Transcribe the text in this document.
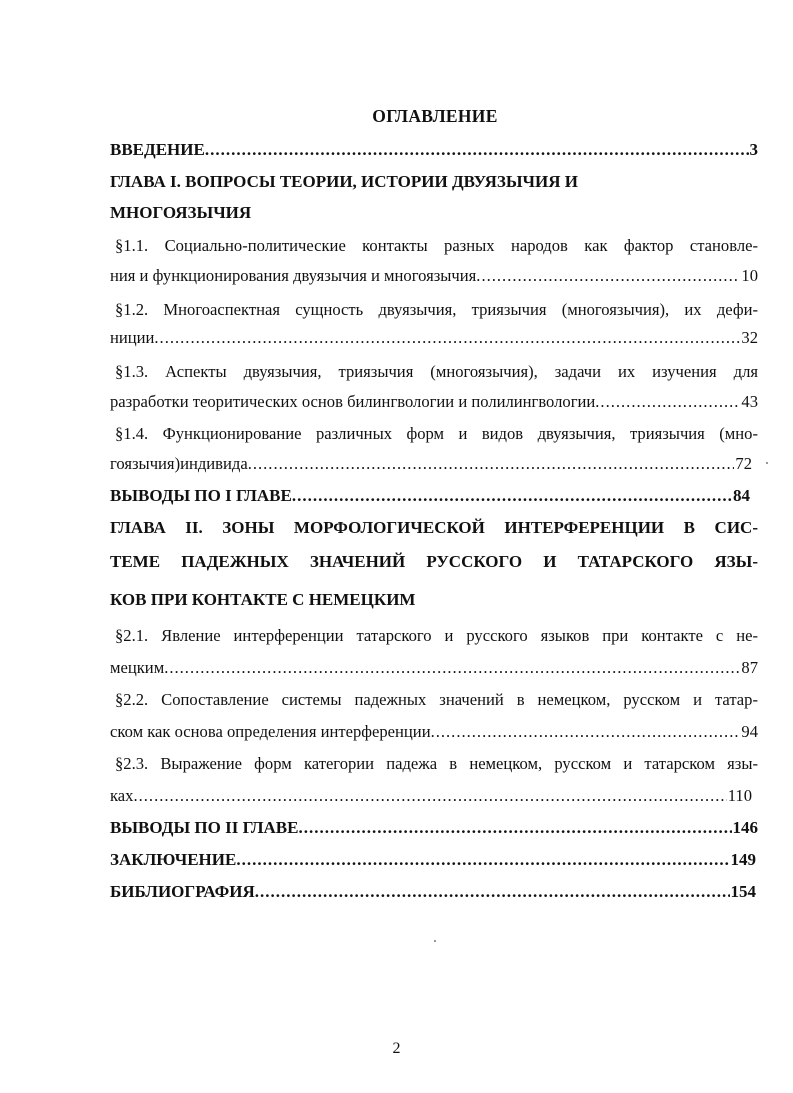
ОГЛАВЛЕНИЕ
ВВЕДЕНИЕ .....	3
ГЛАВА I. ВОПРОСЫ ТЕОРИИ, ИСТОРИИ ДВУЯЗЫЧИЯ И
МНОГОЯЗЫЧИЯ
§1.1. Социально-политические контакты разных народов как фактор становле-
ния и функционирования двуязычия и многоязычия .....	10
§1.2. Многоаспектная сущность двуязычия, триязычия (многоязычия), их дефи-
ниции .....	32
§1.3. Аспекты двуязычия, триязычия (многоязычия), задачи их изучения для
разработки теоритических основ билингвологии и полилингвологии .....	43
§1.4. Функционирование различных форм и видов двуязычия, триязычия (мно-
гоязычия)индивида .....	72
ВЫВОДЫ ПО I ГЛАВЕ .....	84
ГЛАВА II. ЗОНЫ МОРФОЛОГИЧЕСКОЙ ИНТЕРФЕРЕНЦИИ В СИС-
ТЕМЕ ПАДЕЖНЫХ ЗНАЧЕНИЙ РУССКОГО И ТАТАРСКОГО ЯЗЫ-
КОВ ПРИ КОНТАКТЕ С НЕМЕЦКИМ
§2.1. Явление интерференции татарского и русского языков при контакте с не-
мецким .....	87
§2.2. Сопоставление системы падежных значений в немецком, русском и татар-
ском как основа определения интерференции .....	94
§2.3. Выражение форм категории падежа в немецком, русском и татарском язы-
ках .....	110
ВЫВОДЫ ПО II ГЛАВЕ .....	146
ЗАКЛЮЧЕНИЕ .....	149
БИБЛИОГРАФИЯ .....	154
2
